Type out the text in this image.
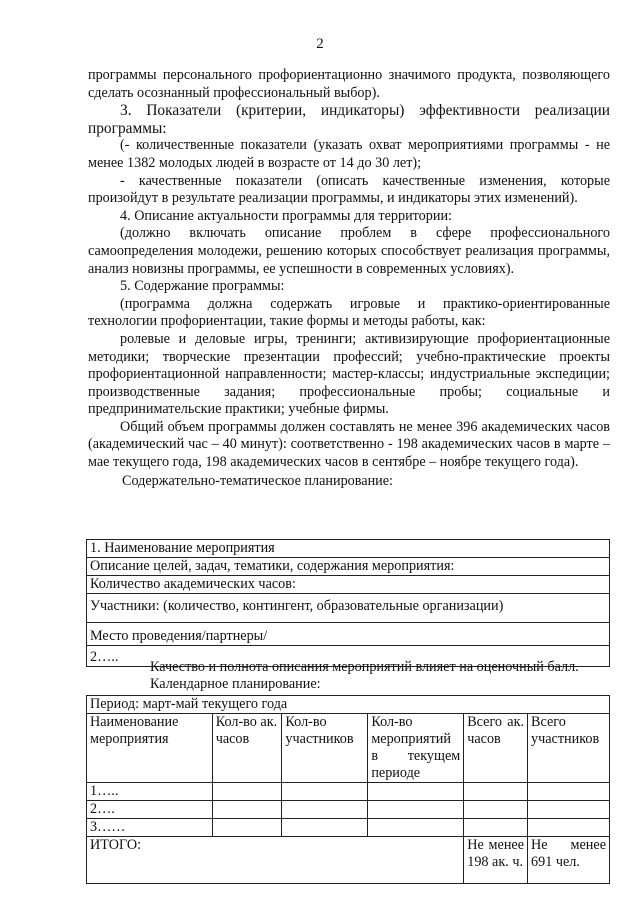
2

программы персонального профориентационно значимого продукта, позволяющего сделать осознанный профессиональный выбор).

3. Показатели (критерии, индикаторы) эффективности реализации программы:

(- количественные показатели (указать охват мероприятиями программы - не менее 1382 молодых людей в возрасте от 14 до 30 лет);

- качественные показатели (описать качественные изменения, которые произойдут в результате реализации программы, и индикаторы этих изменений).

4. Описание актуальности программы для территории:

(должно включать описание проблем в сфере профессионального самоопределения молодежи, решению которых способствует реализация программы, анализ новизны программы, ее успешности в современных условиях).

5. Содержание программы:

(программа должна содержать игровые и практико-ориентированные технологии профориентации, такие формы и методы работы, как:

ролевые и деловые игры, тренинги; активизирующие профориентационные методики; творческие презентации профессий; учебно-практические проекты профориентационной направленности; мастер-классы; индустриальные экспедиции; производственные задания; профессиональные пробы; социальные и предпринимательские практики; учебные фирмы.

Общий объем программы должен составлять не менее 396 академических часов (академический час – 40 минут): соответственно - 198 академических часов в марте – мае текущего года, 198 академических часов в сентябре – ноябре текущего года).

Содержательно-тематическое планирование:

1. Наименование мероприятия
Описание целей, задач, тематики, содержания мероприятия:
Количество академических часов:
Участники: (количество, контингент, образовательные организации)
Место проведения/партнеры/
2…..

Качество и полнота описания мероприятий влияет на оценочный балл.

Календарное планирование:

Период: март-май текущего года					
Наименование мероприятия	Кол-во ак. часов	Кол-во участников	Кол-во мероприятий в текущем периоде	Всего ак. часов	Всего участников
1…..					
2….					
3……					
ИТОГО:				Не менее 198 ак. ч.	Не менее 691 чел.
